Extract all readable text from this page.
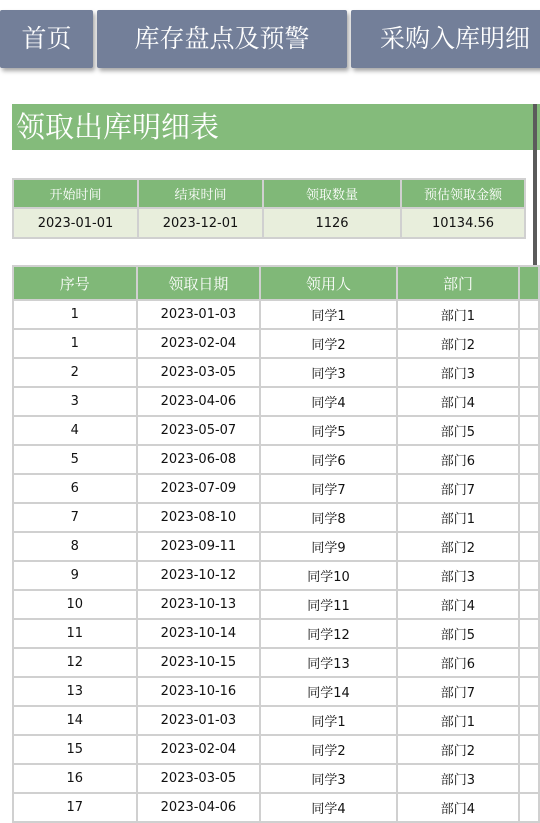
首页	库存盘点及预警	采购入库明细
领取出库明细表
开始时间	结束时间	领取数量	预估领取金额
2023-01-01	2023-12-01	1126	10134.56
序号	领取日期	领用人	部门	
1	2023-01-03	同学1	部门1	
1	2023-02-04	同学2	部门2	
2	2023-03-05	同学3	部门3	
3	2023-04-06	同学4	部门4	
4	2023-05-07	同学5	部门5	
5	2023-06-08	同学6	部门6	
6	2023-07-09	同学7	部门7	
7	2023-08-10	同学8	部门1	
8	2023-09-11	同学9	部门2	
9	2023-10-12	同学10	部门3	
10	2023-10-13	同学11	部门4	
11	2023-10-14	同学12	部门5	
12	2023-10-15	同学13	部门6	
13	2023-10-16	同学14	部门7	
14	2023-01-03	同学1	部门1	
15	2023-02-04	同学2	部门2	
16	2023-03-05	同学3	部门3	
17	2023-04-06	同学4	部门4	
